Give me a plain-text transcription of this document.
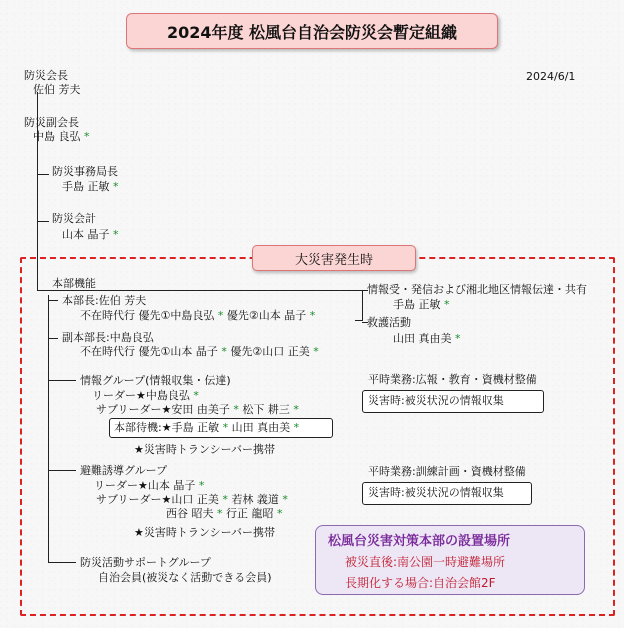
2024年度 松風台自治会防災会暫定組織
2024/6/1
防災会長
佐伯 芳夫
防災副会長
中島 良弘 *
防災事務局長
手島 正敏 *
防災会計
山本 晶子 *
大災害発生時
本部機能	情報受・発信および湘北地区情報伝達・共有
手島 正敏 *
救護活動
山田 真由美 *
本部長:佐伯 芳夫
不在時代行 優先①中島良弘 * 優先②山本 晶子 *
副本部長:中島良弘
不在時代行 優先①山本 晶子 * 優先②山口 正美 *
情報グループ(情報収集・伝達)
リーダー★中島良弘 *
サブリーダー★安田 由美子 * 松下 耕三 *
本部待機:★手島 正敏 * 山田 真由美 *
★災害時トランシーバー携帯
平時業務:広報・教育・資機材整備
災害時:被災状況の情報収集
避難誘導グループ
リーダー★山本 晶子 *
サブリーダー★山口 正美 * 若林 義道 *
西谷 昭夫 * 行正 龍昭 *
★災害時トランシーバー携帯
平時業務:訓練計画・資機材整備
災害時:被災状況の情報収集
防災活動サポートグループ
自治会員(被災なく活動できる会員)
松風台災害対策本部の設置場所
被災直後:南公園一時避難場所
長期化する場合:自治会館2F
